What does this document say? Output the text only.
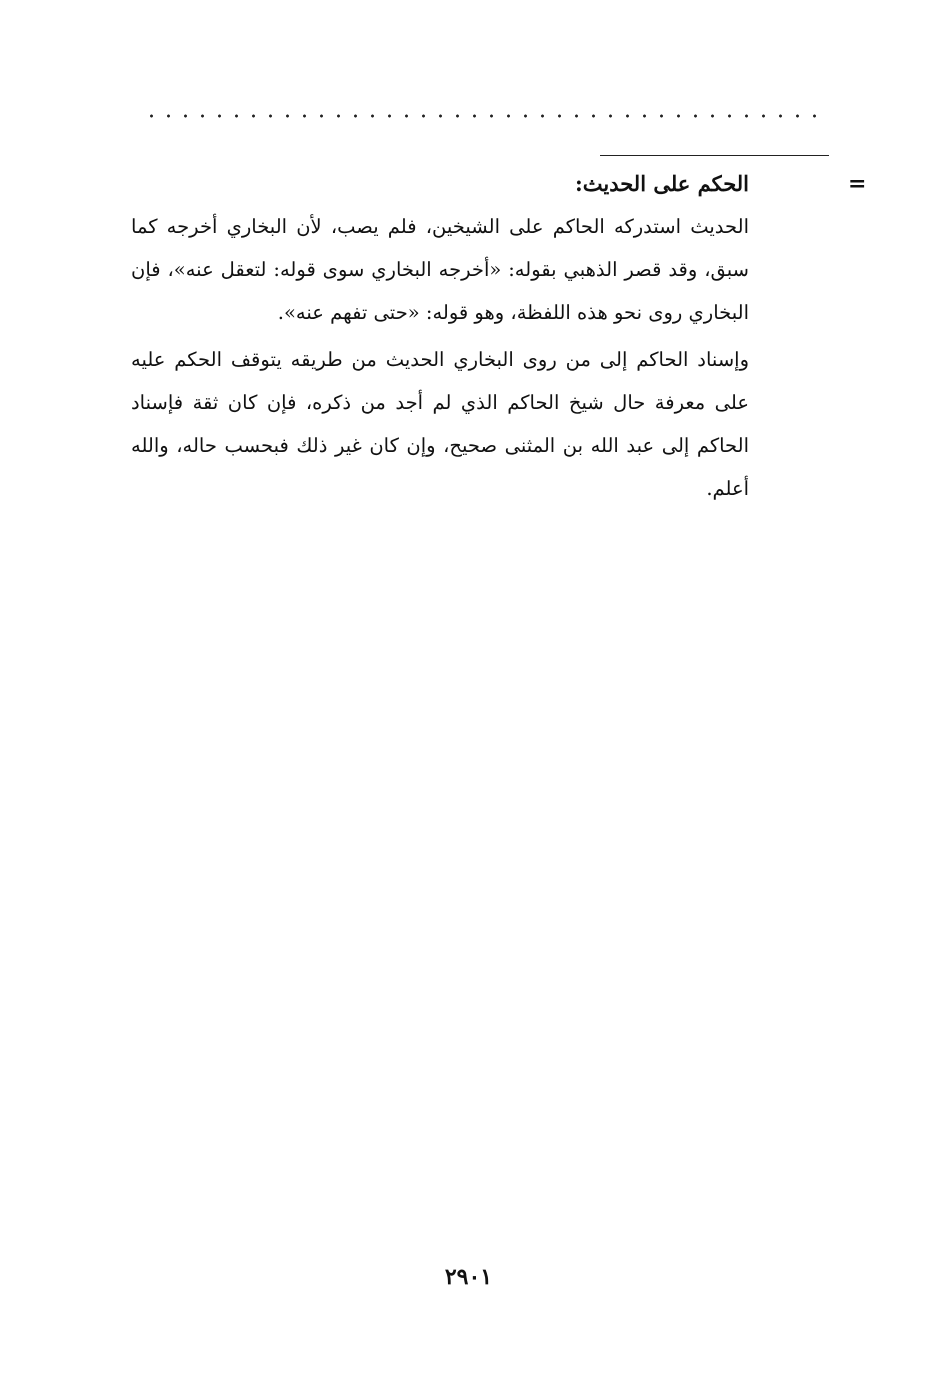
=
الحكم على الحديث:

الحديث استدركه الحاكم على الشيخين، فلم يصب، لأن البخاري أخرجه كما سبق، وقد قصر الذهبي بقوله: «أخرجه البخاري سوى قوله: لتعقل عنه»، فإن البخاري روى نحو هذه اللفظة، وهو قوله: «حتى تفهم عنه».

وإسناد الحاكم إلى من روى البخاري الحديث من طريقه يتوقف الحكم عليه على معرفة حال شيخ الحاكم الذي لم أجد من ذكره، فإن كان ثقة فإسناد الحاكم إلى عبد الله بن المثنى صحيح، وإن كان غير ذلك فبحسب حاله، والله أعلم.

٢٩٠١
